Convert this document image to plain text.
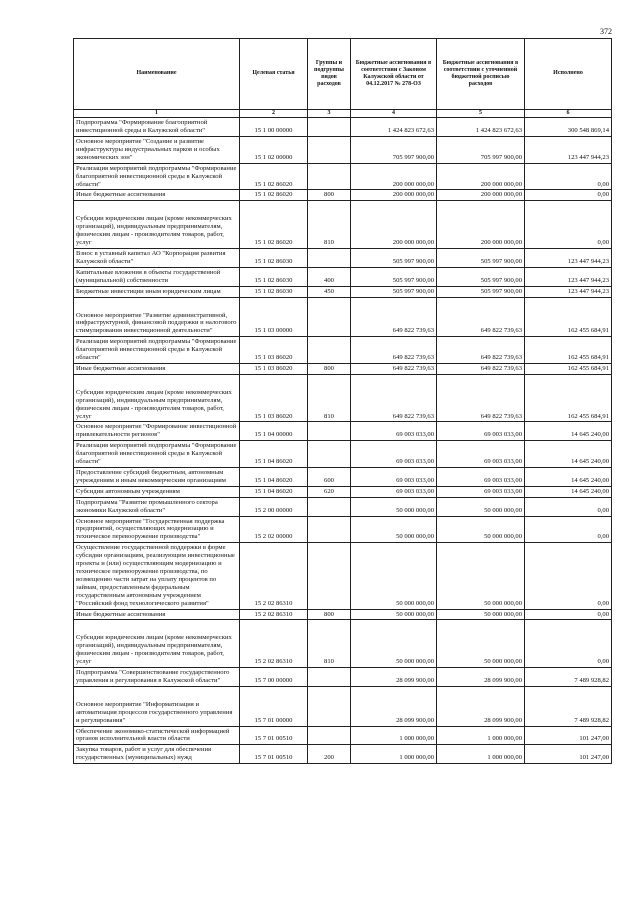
372
Наименование	Целевая статья	Группы и подгруппы видов расходов	Бюджетные ассигнования в соответствии с Законом Калужской области от 04.12.2017 № 278-ОЗ	Бюджетные ассигнования в соответствии с уточненной бюджетной росписью расходов	Исполнено
1	2	3	4	5	6
Подпрограмма "Формирование благоприятной инвестиционной среды в Калужской области"	15 1 00 00000		1 424 823 672,63	1 424 823 672,63	300 548 869,14
Основное мероприятие "Создание и развитие инфраструктуры индустриальных парков и особых экономических зон"	15 1 02 00000		705 997 900,00	705 997 900,00	123 447 944,23
Реализация мероприятий подпрограммы "Формирование благоприятной инвестиционной среды в Калужской области"	15 1 02 86020		200 000 000,00	200 000 000,00	0,00
Иные бюджетные ассигнования	15 1 02 86020	800	200 000 000,00	200 000 000,00	0,00
Субсидии юридическим лицам (кроме некоммерческих организаций), индивидуальным предпринимателям, физическим лицам - производителям товаров, работ, услуг	15 1 02 86020	810	200 000 000,00	200 000 000,00	0,00
Взнос в уставный капитал АО "Корпорация развития Калужской области"	15 1 02 86030		505 997 900,00	505 997 900,00	123 447 944,23
Капитальные вложения в объекты государственной (муниципальной) собственности	15 1 02 86030	400	505 997 900,00	505 997 900,00	123 447 944,23
Бюджетные инвестиции иным юридическим лицам	15 1 02 86030	450	505 997 900,00	505 997 900,00	123 447 944,23
Основное мероприятие "Развитие административной, инфраструктурной, финансовой поддержки и налогового стимулирования инвестиционной деятельности"	15 1 03 00000		649 822 739,63	649 822 739,63	162 455 684,91
Реализация мероприятий подпрограммы "Формирование благоприятной инвестиционной среды в Калужской области"	15 1 03 86020		649 822 739,63	649 822 739,63	162 455 684,91
Иные бюджетные ассигнования	15 1 03 86020	800	649 822 739,63	649 822 739,63	162 455 684,91
Субсидии юридическим лицам (кроме некоммерческих организаций), индивидуальным предпринимателям, физическим лицам - производителям товаров, работ, услуг	15 1 03 86020	810	649 822 739,63	649 822 739,63	162 455 684,91
Основное мероприятие "Формирование инвестиционной привлекательности регионов"	15 1 04 00000		69 003 033,00	69 003 033,00	14 645 240,00
Реализация мероприятий подпрограммы "Формирование благоприятной инвестиционной среды в Калужской области"	15 1 04 86020		69 003 033,00	69 003 033,00	14 645 240,00
Предоставление субсидий бюджетным, автономным учреждениям и иным некоммерческим организациям	15 1 04 86020	600	69 003 033,00	69 003 033,00	14 645 240,00
Субсидии автономным учреждениям	15 1 04 86020	620	69 003 033,00	69 003 033,00	14 645 240,00
Подпрограмма "Развитие промышленного сектора экономики Калужской области"	15 2 00 00000		50 000 000,00	50 000 000,00	0,00
Основное мероприятие "Государственная поддержка предприятий, осуществляющих модернизацию и техническое перевооружение производства"	15 2 02 00000		50 000 000,00	50 000 000,00	0,00
Осуществление государственной поддержки в форме субсидии организациям, реализующим инвестиционные проекты и (или) осуществляющим модернизацию и техническое перевооружение производства, по возмещению части затрат на уплату процентов по займам, предоставленным федеральным государственным автономным учреждением "Российский фонд технологического развития"	15 2 02 86310		50 000 000,00	50 000 000,00	0,00
Иные бюджетные ассигнования	15 2 02 86310	800	50 000 000,00	50 000 000,00	0,00
Субсидии юридическим лицам (кроме некоммерческих организаций), индивидуальным предпринимателям, физическим лицам - производителям товаров, работ, услуг	15 2 02 86310	810	50 000 000,00	50 000 000,00	0,00
Подпрограмма "Совершенствование государственного управления и регулирования в Калужской области"	15 7 00 00000		28 099 900,00	28 099 900,00	7 489 928,82
Основное мероприятие "Информатизация и автоматизация процессов государственного управления и регулирования"	15 7 01 00000		28 099 900,00	28 099 900,00	7 489 928,82
Обеспечение экономико-статистической информацией органов исполнительной власти области	15 7 01 00510		1 000 000,00	1 000 000,00	101 247,00
Закупка товаров, работ и услуг для обеспечения государственных (муниципальных) нужд	15 7 01 00510	200	1 000 000,00	1 000 000,00	101 247,00
